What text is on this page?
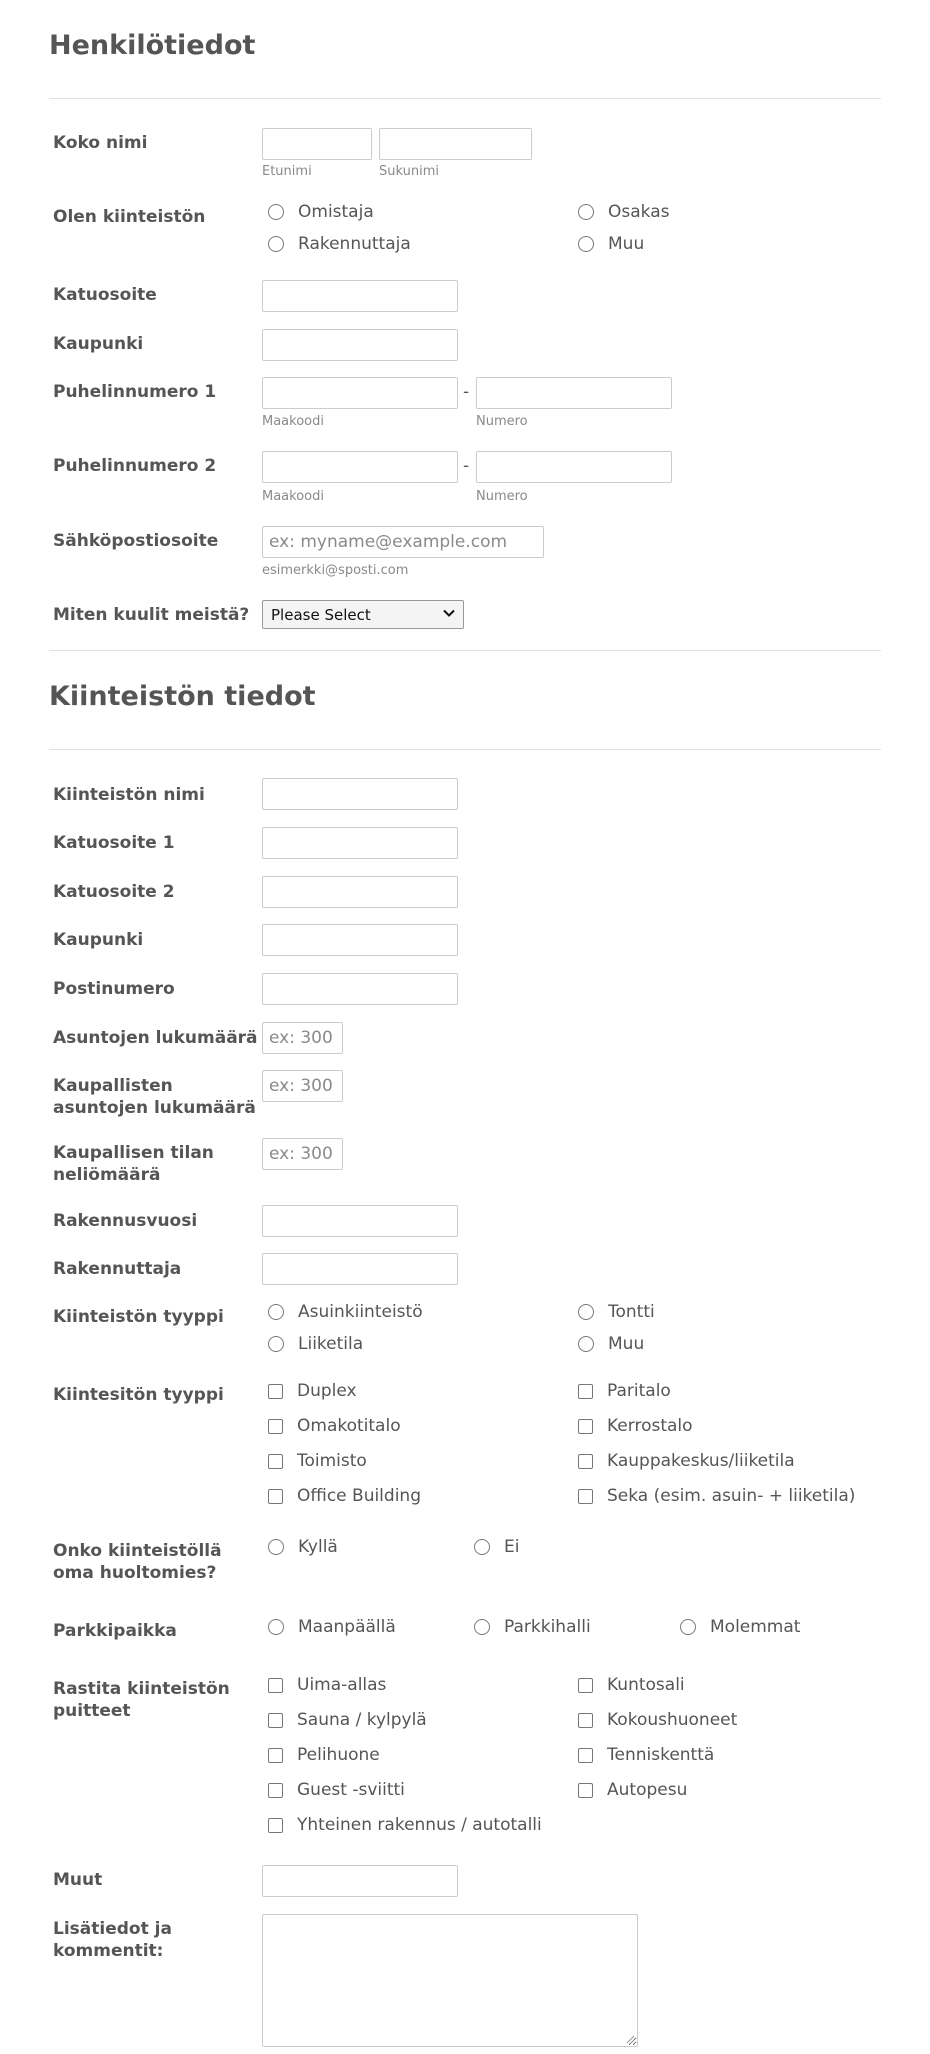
Henkilötiedot
Koko nimi
Etunimi	Sukunimi
Olen kiinteistön	Omistaja	Osakas
Rakennuttaja	Muu
Katuosoite
Kaupunki
Puhelinnumero 1	-
Maakoodi	Numero
Puhelinnumero 2	-
Maakoodi	Numero
Sähköpostiosoite
ex: myname@example.com
esimerkki@sposti.com
Miten kuulit meistä?	Please Select
Kiinteistön tiedot
Kiinteistön nimi
Katuosoite 1
Katuosoite 2
Kaupunki
Postinumero
Asuntojen lukumäärä
ex: 300
Kaupallisten asuntojen lukumäärä
ex: 300
Kaupallisen tilan neliömäärä
ex: 300
Rakennusvuosi
Rakennuttaja
Kiinteistön tyyppi	Asuinkiinteistö	Tontti
Liiketila	Muu
Kiintesitön tyyppi	Duplex	Paritalo
Omakotitalo	Kerrostalo
Toimisto	Kauppakeskus/liiketila
Office Building	Seka (esim. asuin- + liiketila)
Onko kiinteistöllä oma huoltomies?
Kyllä	Ei
Parkkipaikka	Maanpäällä	Parkkihalli	Molemmat
Rastita kiinteistön puitteet
Uima-allas	Kuntosali
Sauna / kylpylä	Kokoushuoneet
Pelihuone	Tenniskenttä
Guest -sviitti	Autopesu
Yhteinen rakennus / autotalli
Muut
Lisätiedot ja kommentit:
